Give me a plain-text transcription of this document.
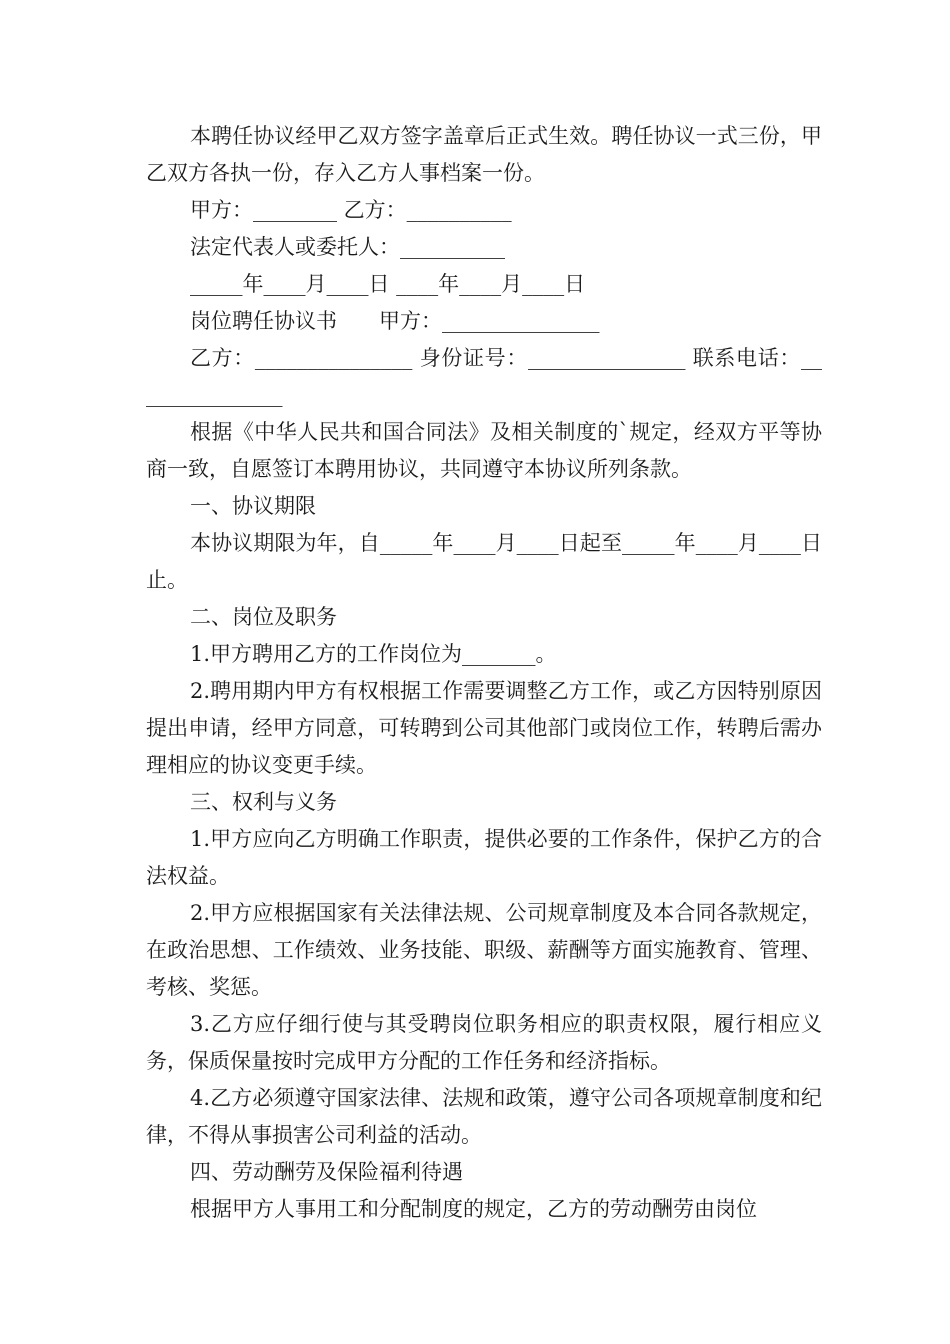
本聘任协议经甲乙双方签字盖章后正式生效。聘任协议一式三份，甲乙双方各执一份，存入乙方人事档案一份。

甲方：________ 乙方：__________

法定代表人或委托人：__________

_____年____月____日 ____年____月____日

岗位聘任协议书　　甲方：_______________

乙方：_______________ 身份证号：_______________ 联系电话：_______________

根据《中华人民共和国合同法》及相关制度的`规定，经双方平等协商一致，自愿签订本聘用协议，共同遵守本协议所列条款。

一、协议期限

本协议期限为年，自_____年____月____日起至_____年____月____日止。

二、岗位及职务

1.甲方聘用乙方的工作岗位为_______。

2.聘用期内甲方有权根据工作需要调整乙方工作，或乙方因特别原因提出申请，经甲方同意，可转聘到公司其他部门或岗位工作，转聘后需办理相应的协议变更手续。

三、权利与义务

1.甲方应向乙方明确工作职责，提供必要的工作条件，保护乙方的合法权益。

2.甲方应根据国家有关法律法规、公司规章制度及本合同各款规定，在政治思想、工作绩效、业务技能、职级、薪酬等方面实施教育、管理、考核、奖惩。

3.乙方应仔细行使与其受聘岗位职务相应的职责权限，履行相应义务，保质保量按时完成甲方分配的工作任务和经济指标。

4.乙方必须遵守国家法律、法规和政策，遵守公司各项规章制度和纪律，不得从事损害公司利益的活动。

四、劳动酬劳及保险福利待遇

根据甲方人事用工和分配制度的规定，乙方的劳动酬劳由岗位
